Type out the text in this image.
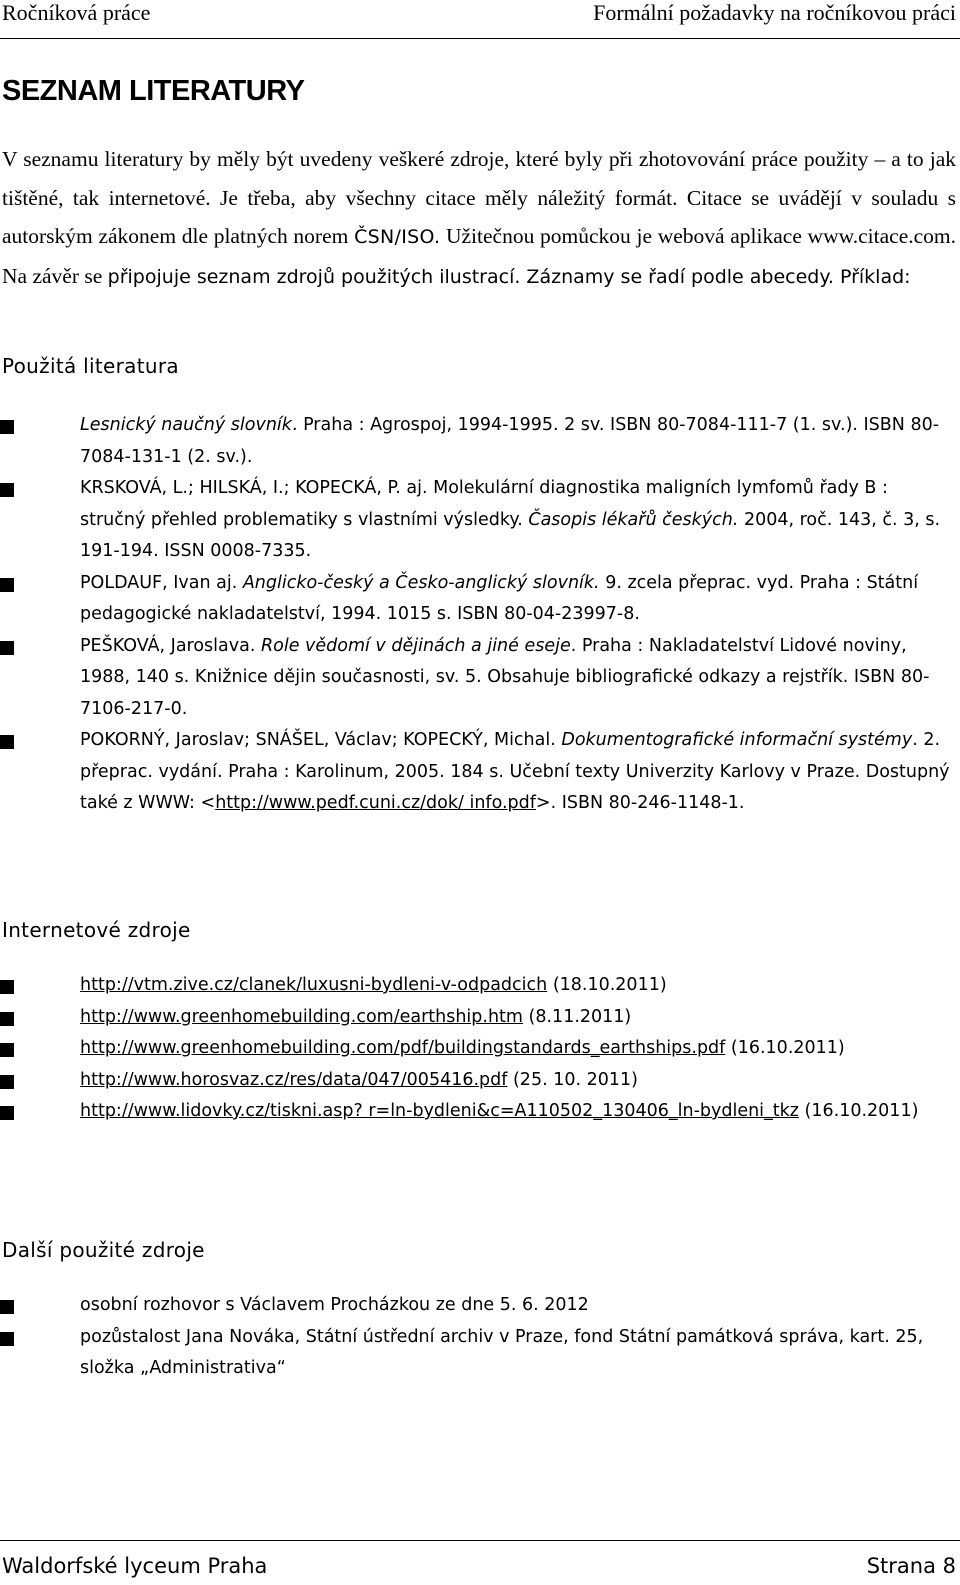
Ročníková práce	Formální požadavky na ročníkovou práci
SEZNAM LITERATURY

V seznamu literatury by měly být uvedeny veškeré zdroje, které byly při zhotovování práce použity – a to jak tištěné, tak internetové. Je třeba, aby všechny citace měly náležitý formát. Citace se uvádějí v souladu s autorským zákonem dle platných norem ČSN/ISO. Užitečnou pomůckou je webová aplikace www.citace.com. Na závěr se připojuje seznam zdrojů použitých ilustrací. Záznamy se řadí podle abecedy. Příklad:

Použitá literatura
Lesnický naučný slovník. Praha : Agrospoj, 1994-1995. 2 sv. ISBN 80-7084-111-7 (1. sv.). ISBN 80-7084-131-1 (2. sv.).
KRSKOVÁ, L.; HILSKÁ, I.; KOPECKÁ, P. aj. Molekulární diagnostika maligních lymfomů řady B : stručný přehled problematiky s vlastními výsledky. Časopis lékařů českých. 2004, roč. 143, č. 3, s. 191-194. ISSN 0008-7335.
POLDAUF, Ivan aj. Anglicko-český a Česko-anglický slovník. 9. zcela přeprac. vyd. Praha : Státní pedagogické nakladatelství, 1994. 1015 s. ISBN 80-04-23997-8.
PEŠKOVÁ, Jaroslava. Role vědomí v dějinách a jiné eseje. Praha : Nakladatelství Lidové noviny, 1988, 140 s. Knižnice dějin současnosti, sv. 5. Obsahuje bibliografické odkazy a rejstřík. ISBN 80-7106-217-0.
POKORNÝ, Jaroslav; SNÁŠEL, Václav; KOPECKÝ, Michal. Dokumentografické informační systémy. 2. přeprac. vydání. Praha : Karolinum, 2005. 184 s. Učební texty Univerzity Karlovy v Praze. Dostupný také z WWW: <http://www.pedf.cuni.cz/dok/ info.pdf>. ISBN 80-246-1148-1.
Internetové zdroje
http://vtm.zive.cz/clanek/luxusni-bydleni-v-odpadcich (18.10.2011)
http://www.greenhomebuilding.com/earthship.htm (8.11.2011)
http://www.greenhomebuilding.com/pdf/buildingstandards_earthships.pdf (16.10.2011)
http://www.horosvaz.cz/res/data/047/005416.pdf (25. 10. 2011)
http://www.lidovky.cz/tiskni.asp? r=ln-bydleni&c=A110502_130406_ln-bydleni_tkz (16.10.2011)
Další použité zdroje
osobní rozhovor s Václavem Procházkou ze dne 5. 6. 2012
pozůstalost Jana Nováka, Státní ústřední archiv v Praze, fond Státní památková správa, kart. 25, složka „Administrativa“
Waldorfské lyceum Praha	Strana 8
